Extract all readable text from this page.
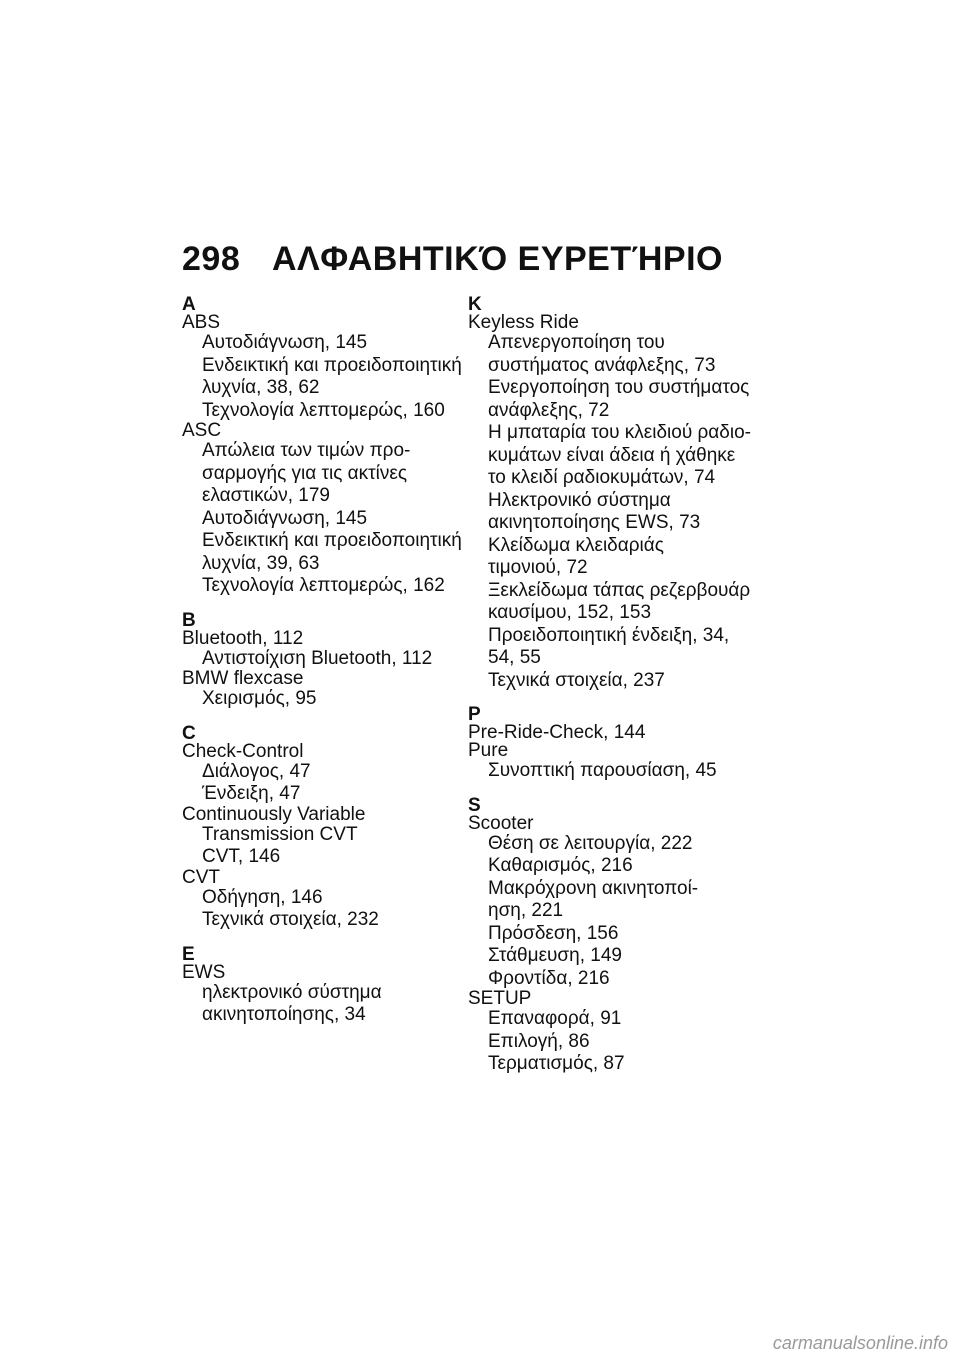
298 ΑΛΦΑΒΗΤΙΚΌ ΕΥΡΕΤΉΡΙΟ
A
ABS
Αυτοδιάγνωση, 145
Ενδεικτική και προειδοποιητική
λυχνία, 38, 62
Τεχνολογία λεπτομερώς, 160
ASC
Απώλεια των τιμών προ-
σαρμογής για τις ακτίνες
ελαστικών, 179
Αυτοδιάγνωση, 145
Ενδεικτική και προειδοποιητική
λυχνία, 39, 63
Τεχνολογία λεπτομερώς, 162
B
Bluetooth, 112
Αντιστοίχιση Bluetooth, 112
BMW flexcase
Χειρισμός, 95
C
Check-Control
Διάλογος, 47
Ένδειξη, 47
Continuously Variable
Transmission CVT
CVT, 146
CVT
Οδήγηση, 146
Τεχνικά στοιχεία, 232
E
EWS
ηλεκτρονικό σύστημα
ακινητοποίησης, 34
K
Keyless Ride
Απενεργοποίηση του
συστήματος ανάφλεξης, 73
Ενεργοποίηση του συστήματος
ανάφλεξης, 72
Η μπαταρία του κλειδιού ραδιο-
κυμάτων είναι άδεια ή χάθηκε
το κλειδί ραδιοκυμάτων, 74
Ηλεκτρονικό σύστημα
ακινητοποίησης EWS, 73
Κλείδωμα κλειδαριάς
τιμονιού, 72
Ξεκλείδωμα τάπας ρεζερβουάρ
καυσίμου, 152, 153
Προειδοποιητική ένδειξη, 34,
54, 55
Τεχνικά στοιχεία, 237
P
Pre-Ride-Check, 144
Pure
Συνοπτική παρουσίαση, 45
S
Scooter
Θέση σε λειτουργία, 222
Καθαρισμός, 216
Μακρόχρονη ακινητοποί-
ηση, 221
Πρόσδεση, 156
Στάθμευση, 149
Φροντίδα, 216
SETUP
Επαναφορά, 91
Επιλογή, 86
Τερματισμός, 87
carmanualsonline.info
